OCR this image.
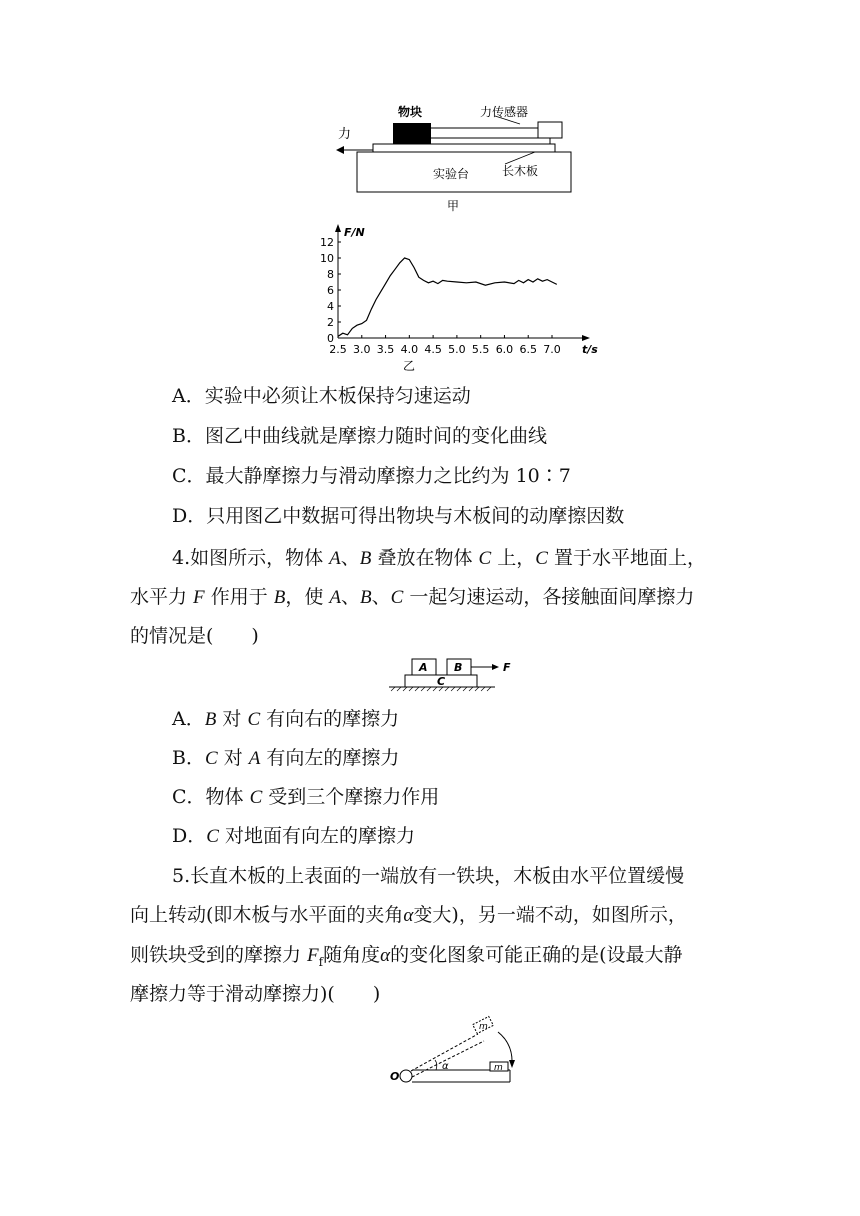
物块	力传感器
力
实验台	长木板
甲
0
2
4
6
8
10
12
2.5 3.0 3.5 4.0 4.5 5.0 5.5 6.0 6.5 7.0
F/N
t/s
乙
A．实验中必须让木板保持匀速运动
B．图乙中曲线就是摩擦力随时间的变化曲线
C．最大静摩擦力与滑动摩擦力之比约为 10∶7
D．只用图乙中数据可得出物块与木板间的动摩擦因数
4.如图所示，物体 A、B 叠放在物体 C 上，C 置于水平地面上，
水平力 F 作用于 B，使 A、B、C 一起匀速运动，各接触面间摩擦力
的情况是(　　)
A B	F
C
A．B 对 C 有向右的摩擦力
B．C 对 A 有向左的摩擦力
C．物体 C 受到三个摩擦力作用
D．C 对地面有向左的摩擦力
5.长直木板的上表面的一端放有一铁块，木板由水平位置缓慢
向上转动(即木板与水平面的夹角α变大)，另一端不动，如图所示，
则铁块受到的摩擦力 $F_f$随角度α的变化图象可能正确的是(设最大静
摩擦力等于滑动摩擦力)(　　)
O
m
m
α
